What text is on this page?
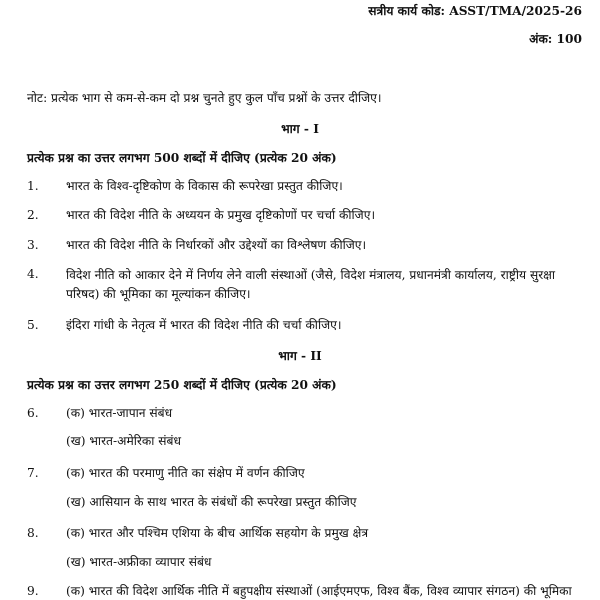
सत्रीय कार्य कोड: ASST/TMA/2025-26
अंक: 100
नोट: प्रत्येक भाग से कम-से-कम दो प्रश्न चुनते हुए कुल पाँच प्रश्नों के उत्तर दीजिए।
भाग - I
प्रत्येक प्रश्न का उत्तर लगभग 500 शब्दों में दीजिए (प्रत्येक 20 अंक)
1. भारत के विश्व-दृष्टिकोण के विकास की रूपरेखा प्रस्तुत कीजिए।
2. भारत की विदेश नीति के अध्ययन के प्रमुख दृष्टिकोणों पर चर्चा कीजिए।
3. भारत की विदेश नीति के निर्धारकों और उद्देश्यों का विश्लेषण कीजिए।
4. विदेश नीति को आकार देने में निर्णय लेने वाली संस्थाओं (जैसे, विदेश मंत्रालय, प्रधानमंत्री कार्यालय, राष्ट्रीय सुरक्षा परिषद) की भूमिका का मूल्यांकन कीजिए।
5. इंदिरा गांधी के नेतृत्व में भारत की विदेश नीति की चर्चा कीजिए।
भाग - II
प्रत्येक प्रश्न का उत्तर लगभग 250 शब्दों में दीजिए (प्रत्येक 20 अंक)
6. (क) भारत-जापान संबंध
(ख) भारत-अमेरिका संबंध
7. (क) भारत की परमाणु नीति का संक्षेप में वर्णन कीजिए
(ख) आसियान के साथ भारत के संबंधों की रूपरेखा प्रस्तुत कीजिए
8. (क) भारत और पश्चिम एशिया के बीच आर्थिक सहयोग के प्रमुख क्षेत्र
(ख) भारत-अफ्रीका व्यापार संबंध
9. (क) भारत की विदेश आर्थिक नीति में बहुपक्षीय संस्थाओं (आईएमएफ, विश्व बैंक, विश्व व्यापार संगठन) की भूमिका
